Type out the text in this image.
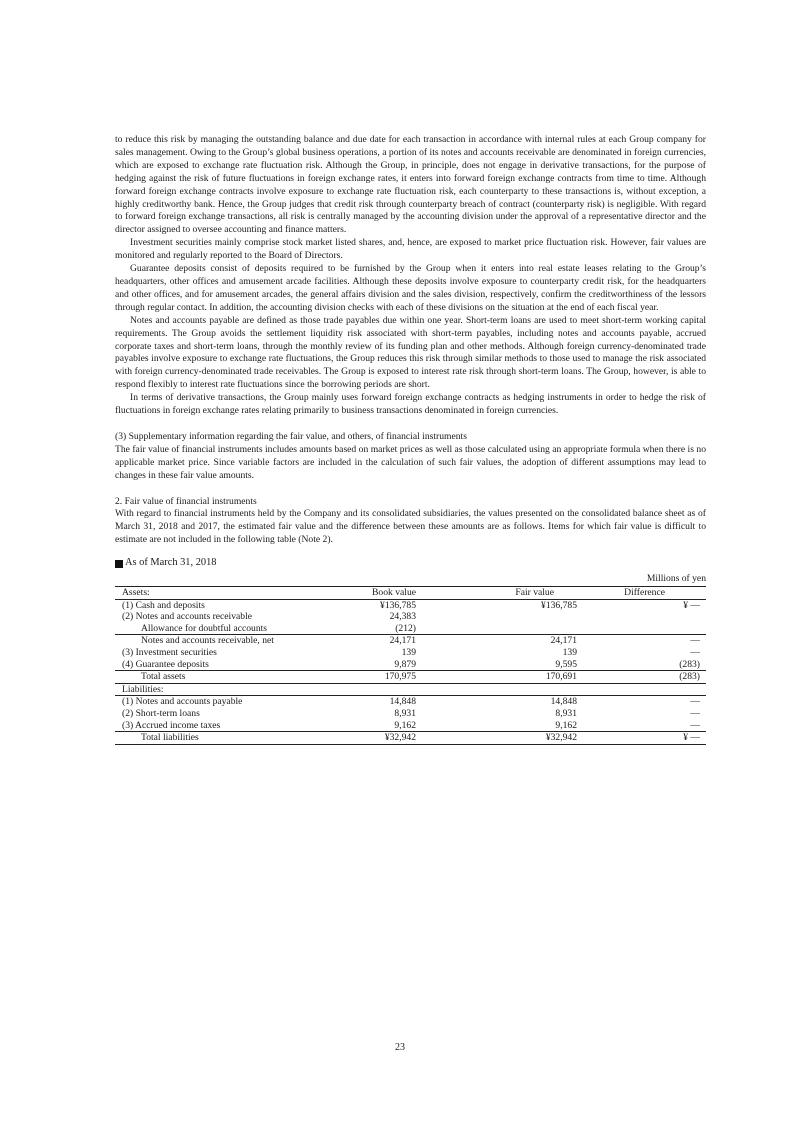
to reduce this risk by managing the outstanding balance and due date for each transaction in accordance with internal rules at each Group company for sales management. Owing to the Group’s global business operations, a portion of its notes and accounts receivable are denominated in foreign currencies, which are exposed to exchange rate fluctuation risk. Although the Group, in principle, does not engage in derivative transactions, for the purpose of hedging against the risk of future fluctuations in foreign exchange rates, it enters into forward foreign exchange contracts from time to time. Although forward foreign exchange contracts involve exposure to exchange rate fluctuation risk, each counterparty to these transactions is, without exception, a highly creditworthy bank. Hence, the Group judges that credit risk through counterparty breach of contract (counterparty risk) is negligible. With regard to forward foreign exchange transactions, all risk is centrally managed by the accounting division under the approval of a representative director and the director assigned to oversee accounting and finance matters.

Investment securities mainly comprise stock market listed shares, and, hence, are exposed to market price fluctuation risk. However, fair values are monitored and regularly reported to the Board of Directors.

Guarantee deposits consist of deposits required to be furnished by the Group when it enters into real estate leases relating to the Group’s headquarters, other offices and amusement arcade facilities. Although these deposits involve exposure to counterparty credit risk, for the headquarters and other offices, and for amusement arcades, the general affairs division and the sales division, respectively, confirm the creditworthiness of the lessors through regular contact. In addition, the accounting division checks with each of these divisions on the situation at the end of each fiscal year.

Notes and accounts payable are defined as those trade payables due within one year. Short-term loans are used to meet short-term working capital requirements. The Group avoids the settlement liquidity risk associated with short-term payables, including notes and accounts payable, accrued corporate taxes and short-term loans, through the monthly review of its funding plan and other methods. Although foreign currency-denominated trade payables involve exposure to exchange rate fluctuations, the Group reduces this risk through similar methods to those used to manage the risk associated with foreign currency-denominated trade receivables. The Group is exposed to interest rate risk through short-term loans. The Group, however, is able to respond flexibly to interest rate fluctuations since the borrowing periods are short.

In terms of derivative transactions, the Group mainly uses forward foreign exchange contracts as hedging instruments in order to hedge the risk of fluctuations in foreign exchange rates relating primarily to business transactions denominated in foreign currencies.

(3) Supplementary information regarding the fair value, and others, of financial instruments

The fair value of financial instruments includes amounts based on market prices as well as those calculated using an appropriate formula when there is no applicable market price. Since variable factors are included in the calculation of such fair values, the adoption of different assumptions may lead to changes in these fair value amounts.

2. Fair value of financial instruments

With regard to financial instruments held by the Company and its consolidated subsidiaries, the values presented on the consolidated balance sheet as of March 31, 2018 and 2017, the estimated fair value and the difference between these amounts are as follows. Items for which fair value is difficult to estimate are not included in the following table (Note 2).

As of March 31, 2018
Millions of yen
Assets:	Book value	Fair value	Difference
(1) Cash and deposits	¥136,785	¥136,785	¥ —
(2) Notes and accounts receivable	24,383		
Allowance for doubtful accounts	(212)		
Notes and accounts receivable, net	24,171	24,171	—
(3) Investment securities	139	139	—
(4) Guarantee deposits	9,879	9,595	(283)
Total assets	170,975	170,691	(283)
Liabilities:			
(1) Notes and accounts payable	14,848	14,848	—
(2) Short-term loans	8,931	8,931	—
(3) Accrued income taxes	9,162	9,162	—
Total liabilities	¥32,942	¥32,942	¥ —
23
